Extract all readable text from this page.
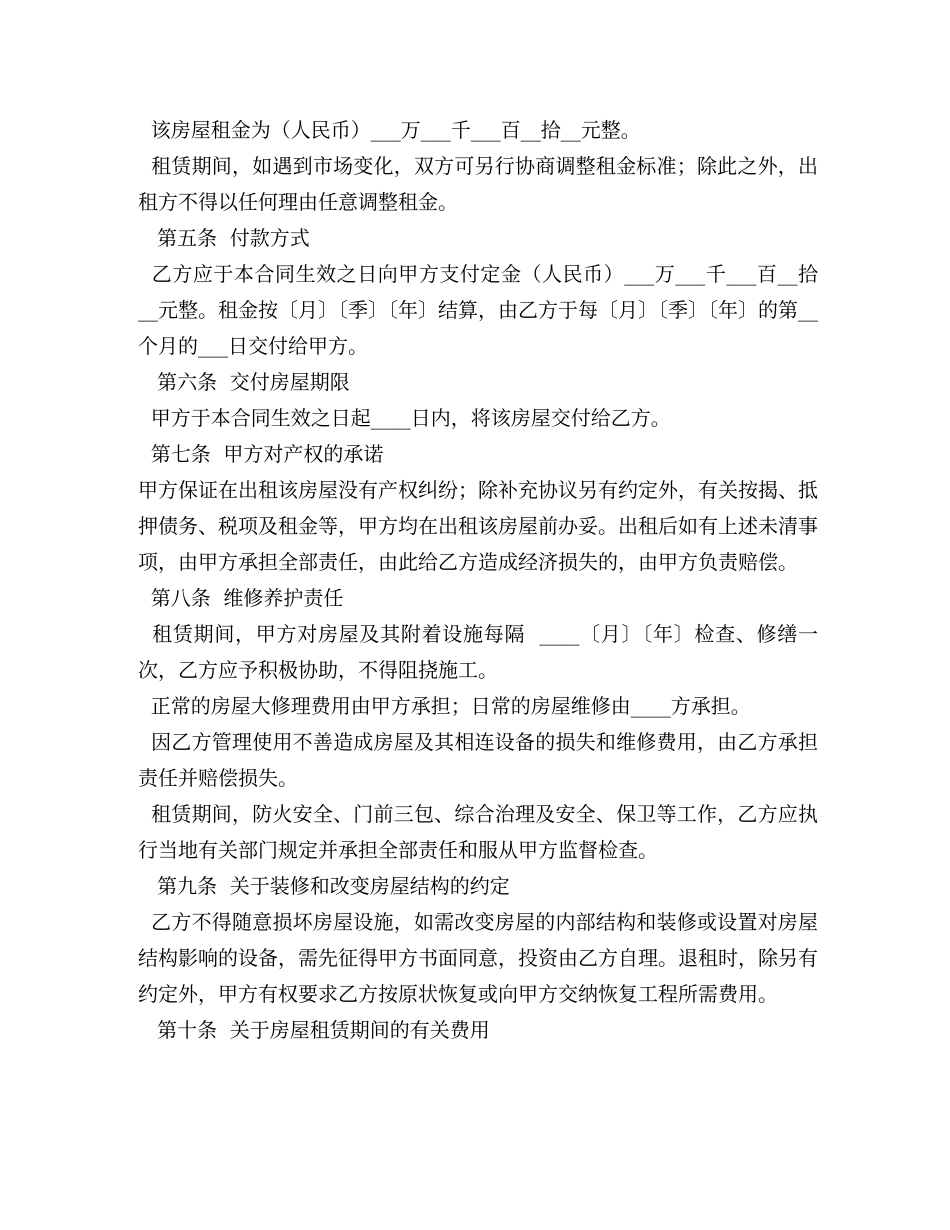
该房屋租金为（人民币）___万___千___百__拾__元整。

租赁期间，如遇到市场变化，双方可另行协商调整租金标准；除此之外，出租方不得以任何理由任意调整租金。

第五条  付款方式

乙方应于本合同生效之日向甲方支付定金（人民币）___万___千___百__拾  __元整。租金按〔月〕〔季〕〔年〕结算，由乙方于每〔月〕〔季〕〔年〕的第__个月的___日交付给甲方。

第六条  交付房屋期限

甲方于本合同生效之日起____日内，将该房屋交付给乙方。

第七条  甲方对产权的承诺

甲方保证在出租该房屋没有产权纠纷；除补充协议另有约定外，有关按揭、抵押债务、税项及租金等，甲方均在出租该房屋前办妥。出租后如有上述未清事项，由甲方承担全部责任，由此给乙方造成经济损失的，由甲方负责赔偿。

第八条  维修养护责任

租赁期间，甲方对房屋及其附着设施每隔  ____〔月〕〔年〕检查、修缮一次，乙方应予积极协助，不得阻挠施工。

正常的房屋大修理费用由甲方承担；日常的房屋维修由____方承担。

因乙方管理使用不善造成房屋及其相连设备的损失和维修费用，由乙方承担责任并赔偿损失。

租赁期间，防火安全、门前三包、综合治理及安全、保卫等工作，乙方应执行当地有关部门规定并承担全部责任和服从甲方监督检查。

第九条  关于装修和改变房屋结构的约定

乙方不得随意损坏房屋设施，如需改变房屋的内部结构和装修或设置对房屋结构影响的设备，需先征得甲方书面同意，投资由乙方自理。退租时，除另有约定外，甲方有权要求乙方按原状恢复或向甲方交纳恢复工程所需费用。

第十条  关于房屋租赁期间的有关费用
